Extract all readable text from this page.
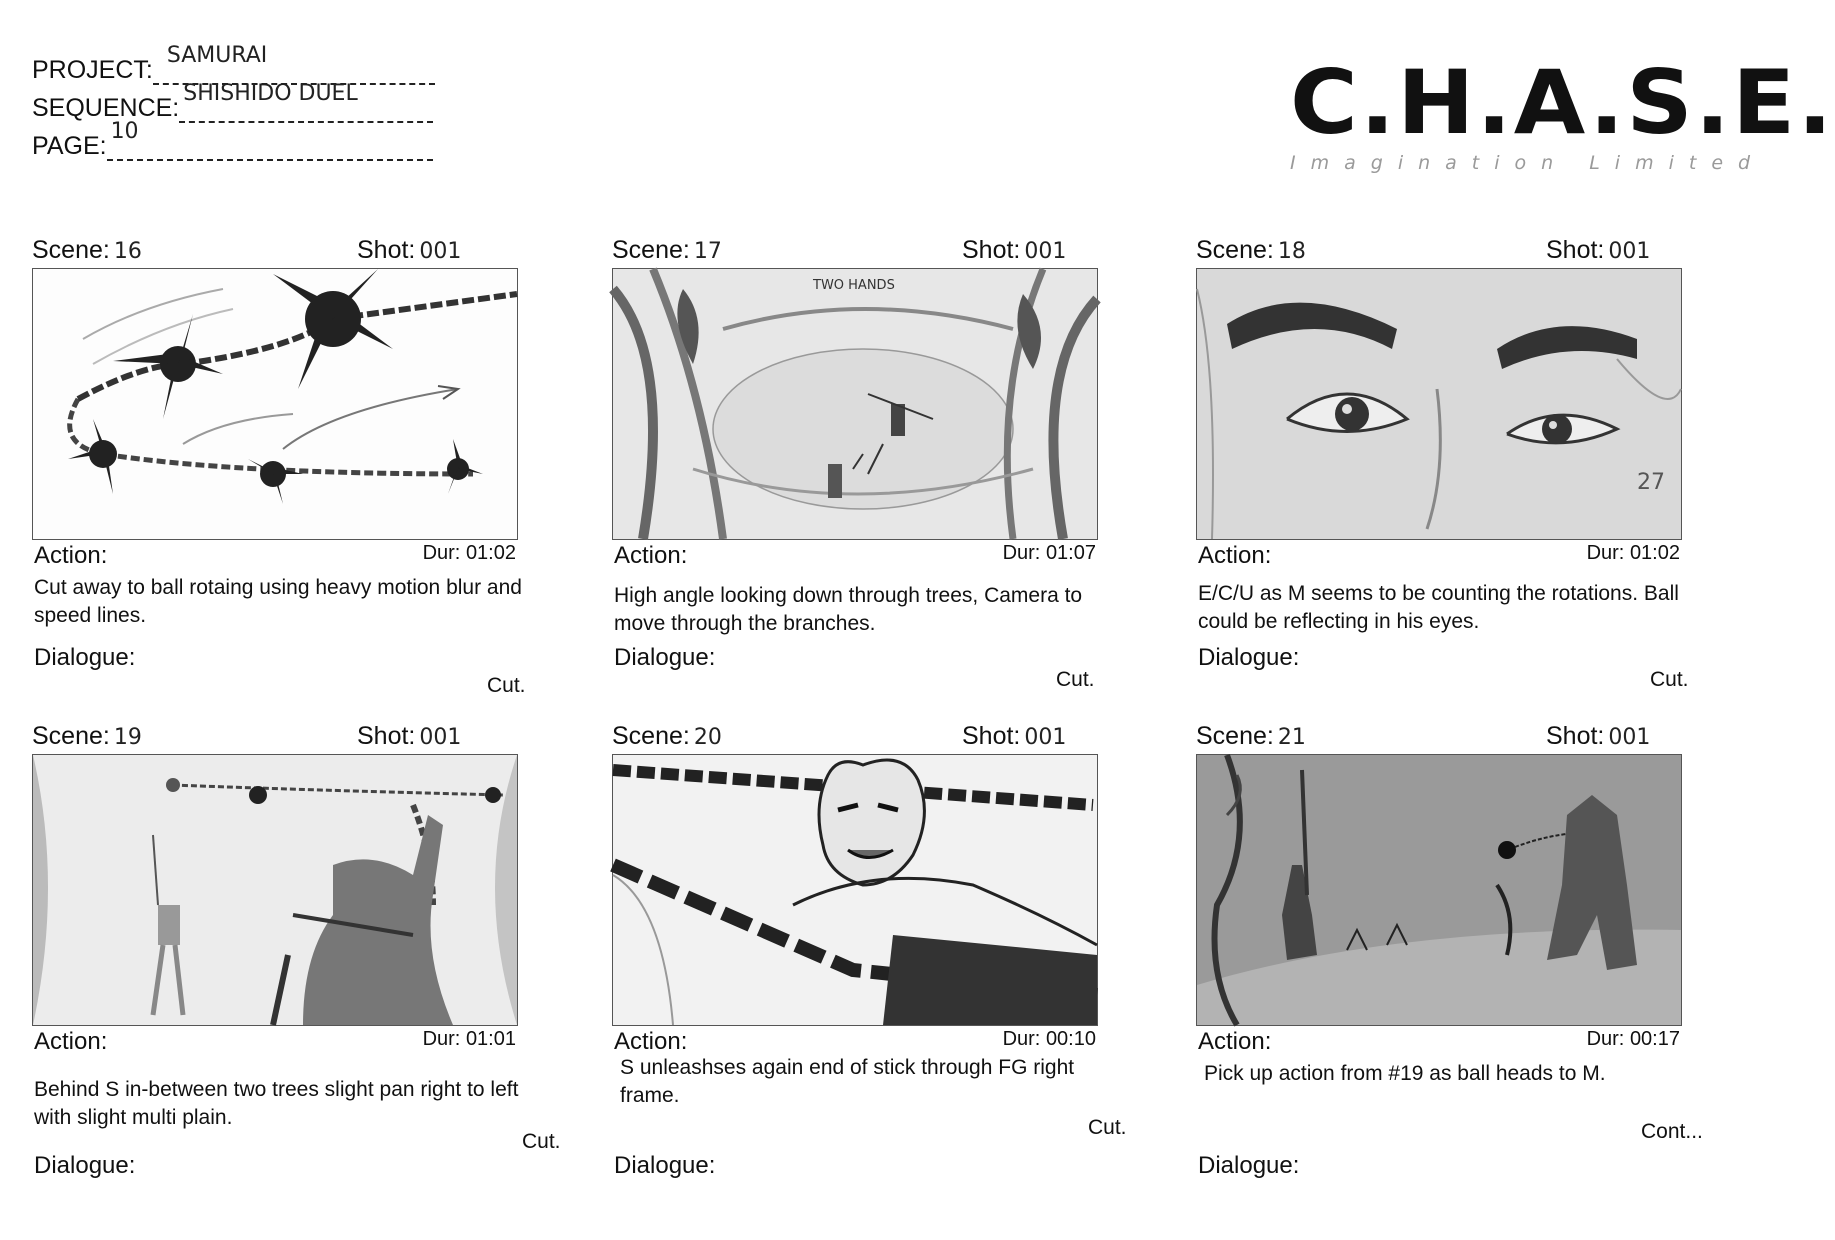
PROJECT:
SAMURAI
SEQUENCE:
SHISHIDO DUEL
PAGE:
10	C.H.A.S.E.
Imagination Limited
Scene: 16	Shot: 001
Action:	Dur: 01:02
Cut away to ball rotaing using heavy motion blur and speed lines.
Dialogue:
Cut.
Scene: 17	Shot: 001
TWO HANDS
Action:	Dur: 01:07
High angle looking down through trees, Camera to move through the branches.
Dialogue:
Cut.
Scene: 18	Shot: 001
27
Action:	Dur: 01:02
E/C/U as M seems to be counting the rotations. Ball could be reflecting in his eyes.
Dialogue:
Cut.
Scene: 19	Shot: 001
Action:	Dur: 01:01
Behind S in-between two trees slight pan right to left with slight multi plain.
Dialogue:
Cut.
Scene: 20	Shot: 001
Action:	Dur: 00:10
S unleashses again end of stick through FG right frame.
Dialogue:
Cut.
Scene: 21	Shot: 001
Action:	Dur: 00:17
Pick up action from #19 as ball heads to M.
Dialogue:
Cont...
